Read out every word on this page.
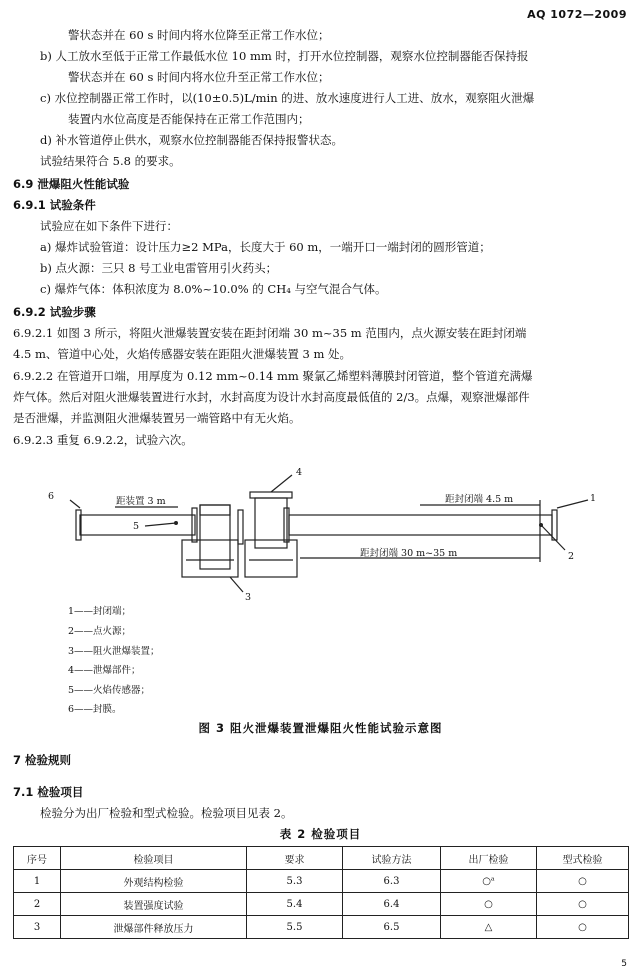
AQ 1072—2009
警状态并在 60 s 时间内将水位降至正常工作水位；
b) 人工放水至低于正常工作最低水位 10 mm 时，打开水位控制器，观察水位控制器能否保持报
警状态并在 60 s 时间内将水位升至正常工作水位；
c) 水位控制器正常工作时，以(10±0.5)L/min 的进、放水速度进行人工进、放水，观察阻火泄爆
装置内水位高度是否能保持在正常工作范围内；
d) 补水管道停止供水，观察水位控制器能否保持报警状态。
试验结果符合 5.8 的要求。
6.9 泄爆阻火性能试验
6.9.1 试验条件
试验应在如下条件下进行：
a) 爆炸试验管道：设计压力≥2 MPa，长度大于 60 m，一端开口一端封闭的圆形管道；
b) 点火源：三只 8 号工业电雷管用引火药头；
c) 爆炸气体：体积浓度为 8.0%~10.0% 的 CH₄ 与空气混合气体。
6.9.2 试验步骤
6.9.2.1 如图 3 所示，将阻火泄爆装置安装在距封闭端 30 m~35 m 范围内，点火源安装在距封闭端
4.5 m、管道中心处，火焰传感器安装在距阻火泄爆装置 3 m 处。
6.9.2.2 在管道开口端，用厚度为 0.12 mm~0.14 mm 聚氯乙烯塑料薄膜封闭管道，整个管道充满爆
炸气体。然后对阻火泄爆装置进行水封，水封高度为设计水封高度最低值的 2/3。点爆，观察泄爆部件
是否泄爆，并监测阻火泄爆装置另一端管路中有无火焰。
6.9.2.3 重复 6.9.2.2，试验六次。
距装置 3 m	距封闭端 4.5 m
距封闭端 30 m~35 m
4
6	1
5
2
3
1——封闭端；
2——点火源；
3——阻火泄爆装置；
4——泄爆部件；
5——火焰传感器；
6——封膜。
图 3 阻火泄爆装置泄爆阻火性能试验示意图
7 检验规则
7.1 检验项目
检验分为出厂检验和型式检验。检验项目见表 2。
表 2 检验项目
序号	检验项目	要求	试验方法	出厂检验	型式检验
1	外观结构检验	5.3	6.3	○ᵃ	○
2	装置强度试验	5.4	6.4	○	○
3	泄爆部件释放压力	5.5	6.5	△	○
5
